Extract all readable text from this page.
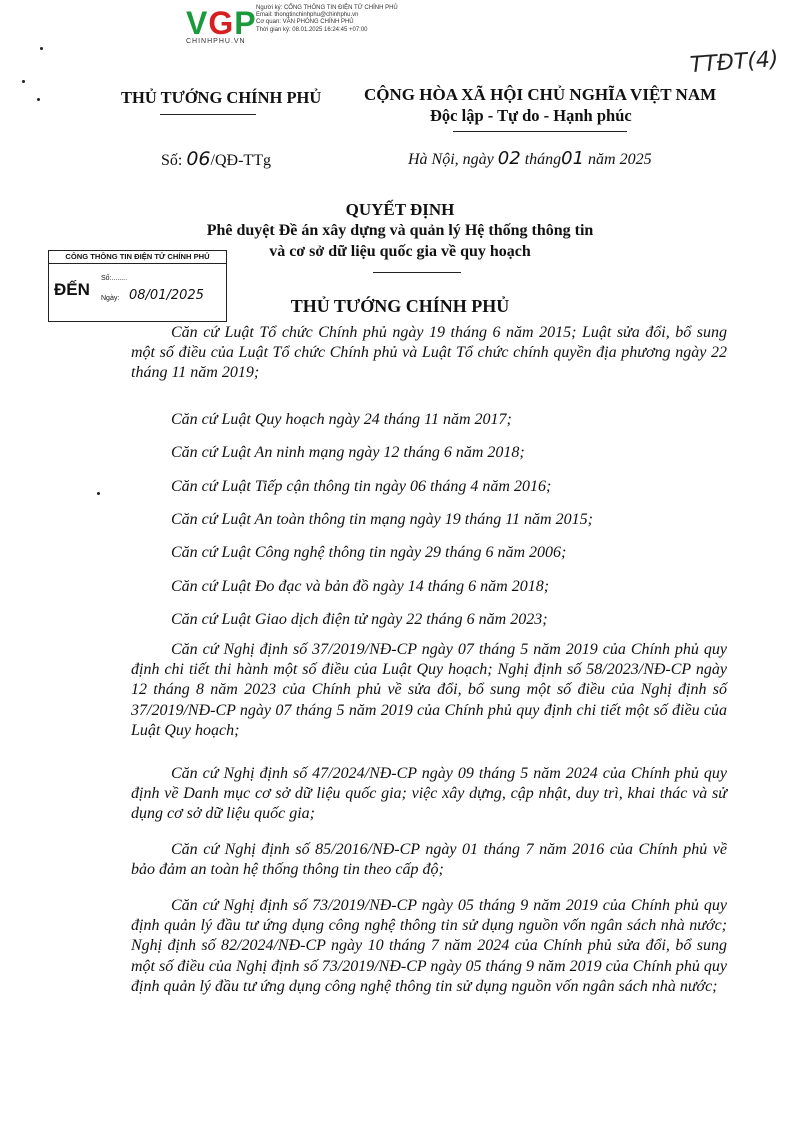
VGP
CHINHPHU.VN
Người ký: CỔNG THÔNG TIN ĐIỆN TỬ CHÍNH PHỦ
Email: thongtinchinhphu@chinhphu.vn
Cơ quan: VĂN PHÒNG CHÍNH PHỦ
Thời gian ký: 08.01.2025 16:24:45 +07:00
TTĐT(4)
THỦ TƯỚNG CHÍNH PHỦ	CỘNG HÒA XÃ HỘI CHỦ NGHĨA VIỆT NAM
Độc lập - Tự do - Hạnh phúc
Số: 06/QĐ-TTg	Hà Nội, ngày 02 tháng01 năm 2025
QUYẾT ĐỊNH
Phê duyệt Đề án xây dựng và quản lý Hệ thống thông tin
và cơ sở dữ liệu quốc gia về quy hoạch
CÔNG THÔNG TIN ĐIỆN TỬ CHÍNH PHỦ
ĐẾN
Số:........
Ngày: 08/01/2025
THỦ TƯỚNG CHÍNH PHỦ

Căn cứ Luật Tổ chức Chính phủ ngày 19 tháng 6 năm 2015; Luật sửa đổi, bổ sung một số điều của Luật Tổ chức Chính phủ và Luật Tổ chức chính quyền địa phương ngày 22 tháng 11 năm 2019;

Căn cứ Luật Quy hoạch ngày 24 tháng 11 năm 2017;

Căn cứ Luật An ninh mạng ngày 12 tháng 6 năm 2018;

Căn cứ Luật Tiếp cận thông tin ngày 06 tháng 4 năm 2016;

Căn cứ Luật An toàn thông tin mạng ngày 19 tháng 11 năm 2015;

Căn cứ Luật Công nghệ thông tin ngày 29 tháng 6 năm 2006;

Căn cứ Luật Đo đạc và bản đồ ngày 14 tháng 6 năm 2018;

Căn cứ Luật Giao dịch điện tử ngày 22 tháng 6 năm 2023;

Căn cứ Nghị định số 37/2019/NĐ-CP ngày 07 tháng 5 năm 2019 của Chính phủ quy định chi tiết thi hành một số điều của Luật Quy hoạch; Nghị định số 58/2023/NĐ-CP ngày 12 tháng 8 năm 2023 của Chính phủ về sửa đổi, bổ sung một số điều của Nghị định số 37/2019/NĐ-CP ngày 07 tháng 5 năm 2019 của Chính phủ quy định chi tiết một số điều của Luật Quy hoạch;

Căn cứ Nghị định số 47/2024/NĐ-CP ngày 09 tháng 5 năm 2024 của Chính phủ quy định về Danh mục cơ sở dữ liệu quốc gia; việc xây dựng, cập nhật, duy trì, khai thác và sử dụng cơ sở dữ liệu quốc gia;

Căn cứ Nghị định số 85/2016/NĐ-CP ngày 01 tháng 7 năm 2016 của Chính phủ về bảo đảm an toàn hệ thống thông tin theo cấp độ;

Căn cứ Nghị định số 73/2019/NĐ-CP ngày 05 tháng 9 năm 2019 của Chính phủ quy định quản lý đầu tư ứng dụng công nghệ thông tin sử dụng nguồn vốn ngân sách nhà nước; Nghị định số 82/2024/NĐ-CP ngày 10 tháng 7 năm 2024 của Chính phủ sửa đổi, bổ sung một số điều của Nghị định số 73/2019/NĐ-CP ngày 05 tháng 9 năm 2019 của Chính phủ quy định quản lý đầu tư ứng dụng công nghệ thông tin sử dụng nguồn vốn ngân sách nhà nước;
